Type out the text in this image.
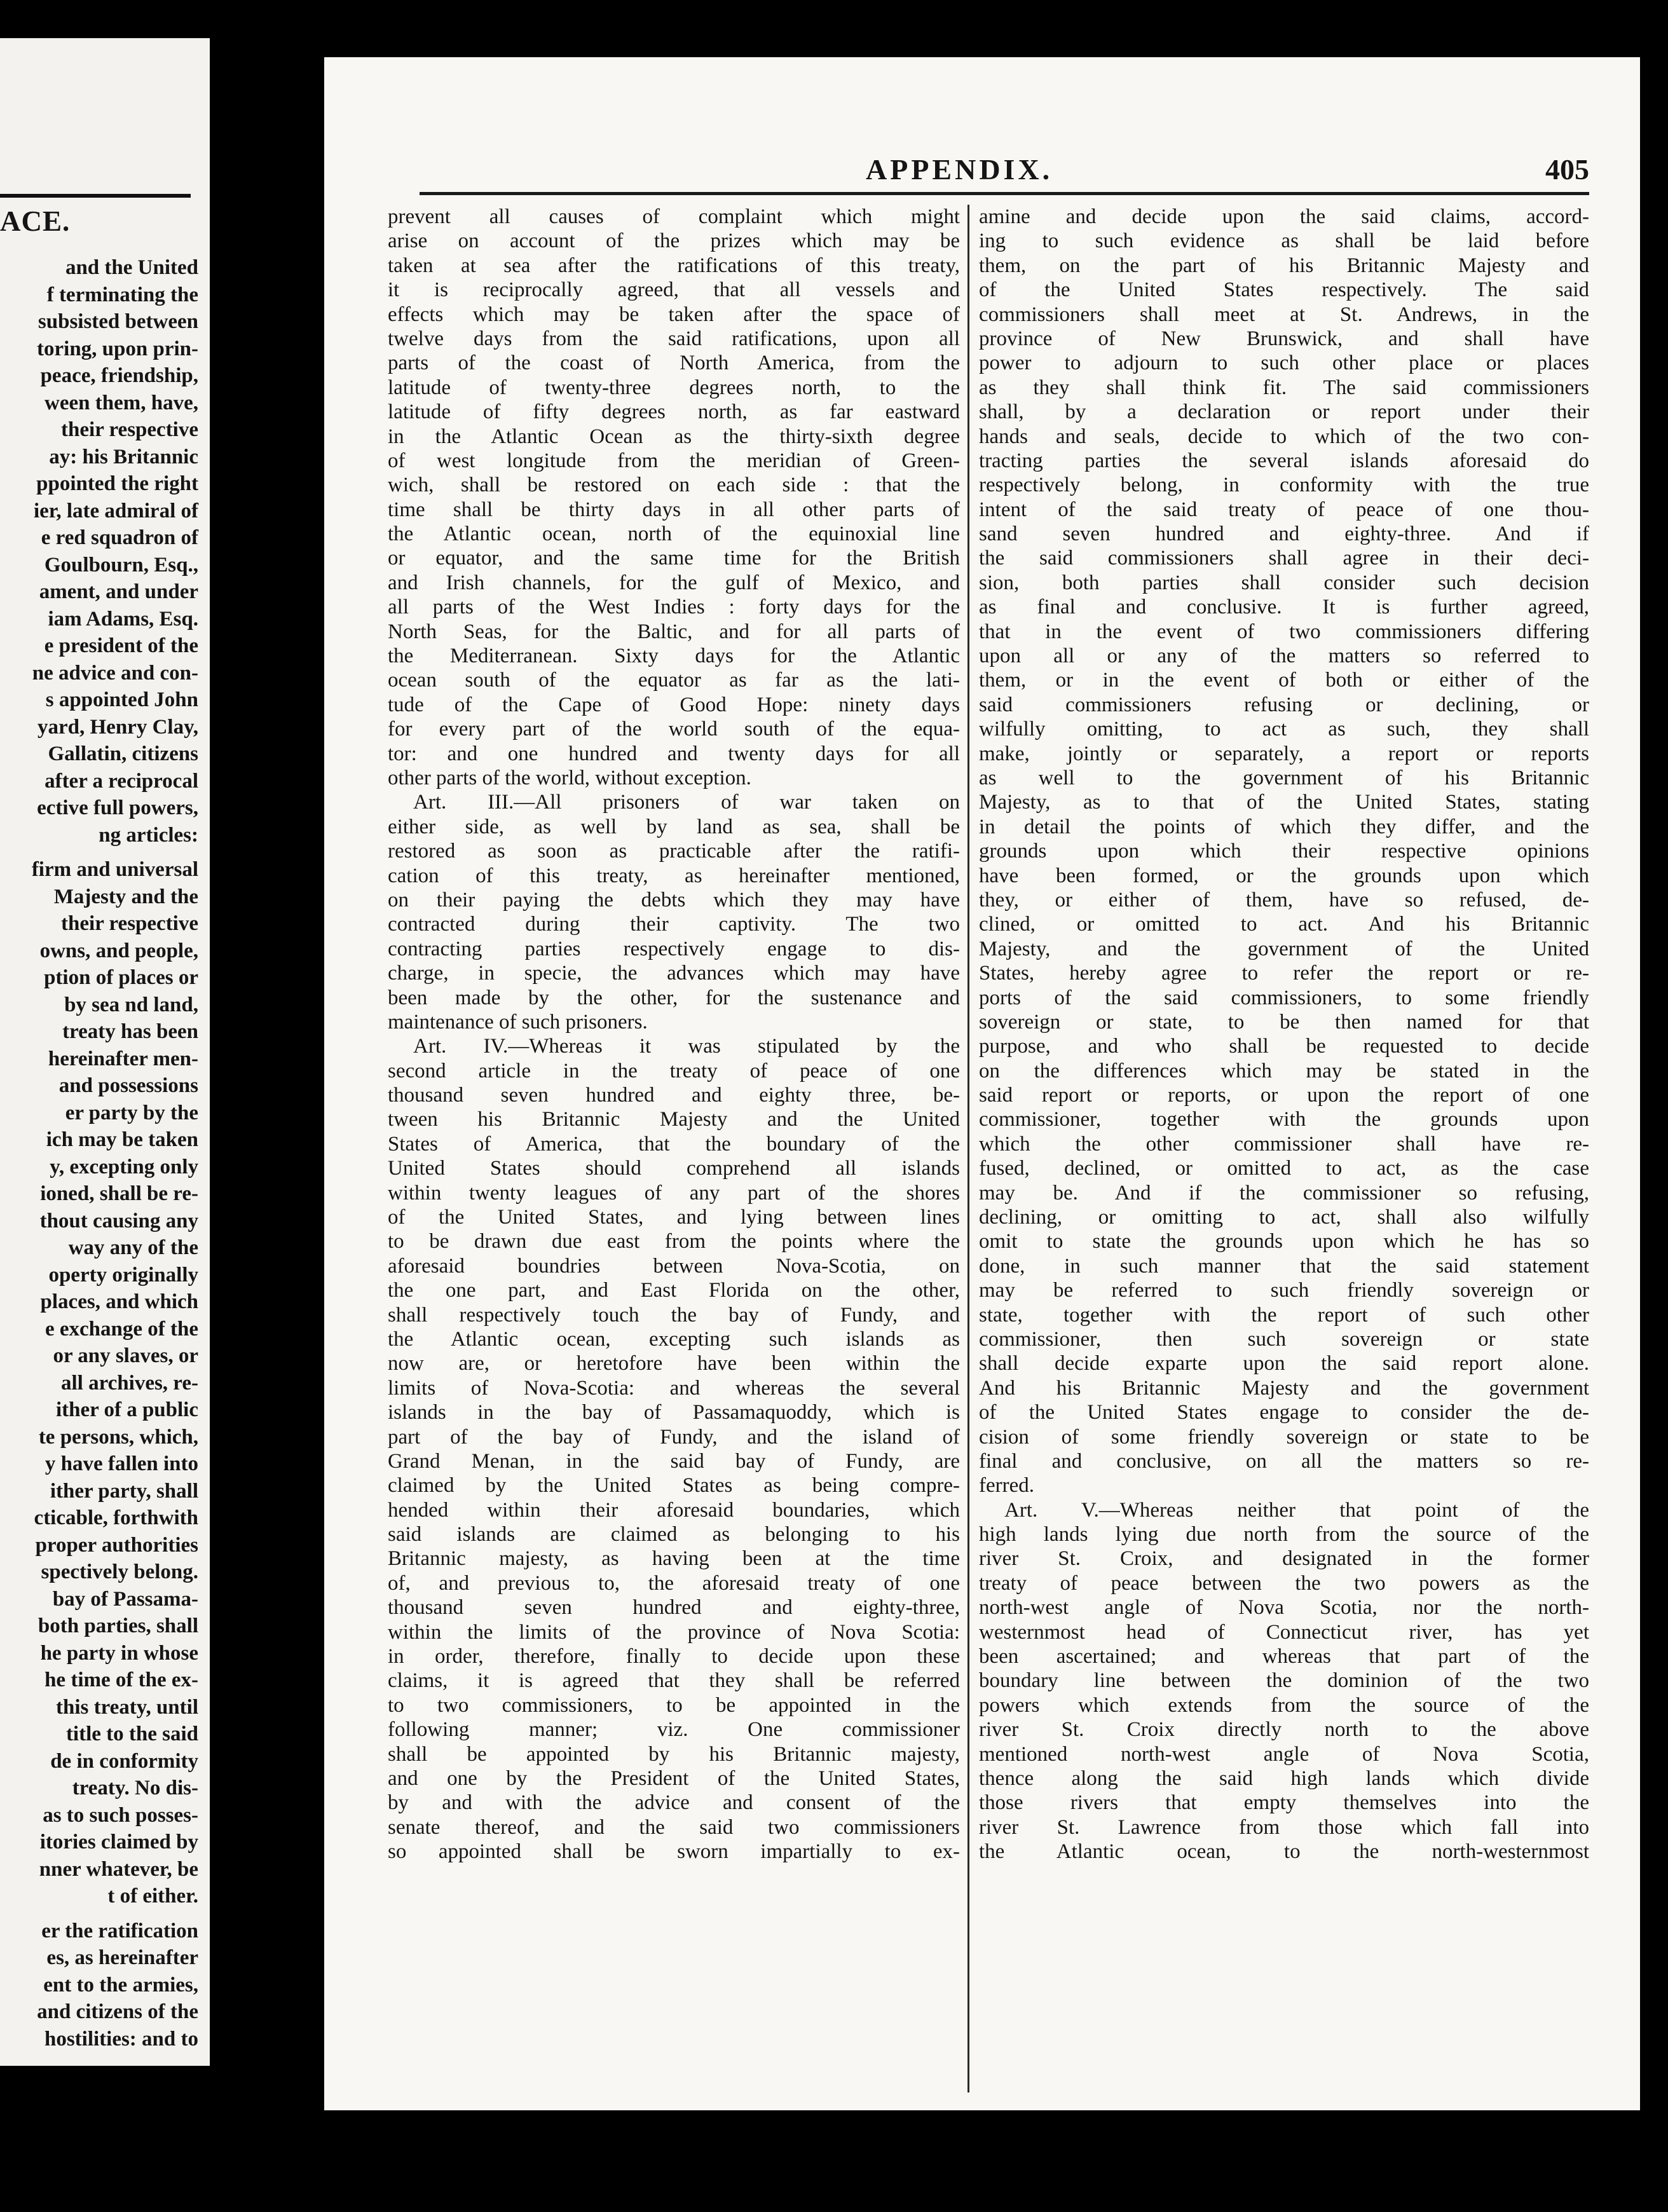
ACE.
and the United
f terminating the
subsisted between
toring, upon prin-
peace, friendship,
ween them, have,
their respective
ay: his Britannic
ppointed the right
ier, late admiral of
e red squadron of
Goulbourn, Esq.,
ament, and under
iam Adams, Esq.
e president of the
ne advice and con-
s appointed John
yard, Henry Clay,
Gallatin, citizens
after a reciprocal
ective full powers,
ng articles:
firm and universal
Majesty and the
their respective
owns, and people,
ption of places or
by sea nd land,
treaty has been
hereinafter men-
and possessions
er party by the
ich may be taken
y, excepting only
ioned, shall be re-
thout causing any
way any of the
operty originally
places, and which
e exchange of the
or any slaves, or
all archives, re-
ither of a public
te persons, which,
y have fallen into
ither party, shall
cticable, forthwith
proper authorities
spectively belong.
bay of Passama-
both parties, shall
he party in whose
he time of the ex-
this treaty, until
title to the said
de in conformity
treaty. No dis-
as to such posses-
itories claimed by
nner whatever, be
t of either.
er the ratification
es, as hereinafter
ent to the armies,
and citizens of the
hostilities: and to
APPENDIX.	405
prevent all causes of complaint which might
arise on account of the prizes which may be
taken at sea after the ratifications of this treaty,
it is reciprocally agreed, that all vessels and
effects which may be taken after the space of
twelve days from the said ratifications, upon all
parts of the coast of North America, from the
latitude of twenty-three degrees north, to the
latitude of fifty degrees north, as far eastward
in the Atlantic Ocean as the thirty-sixth degree
of west longitude from the meridian of Green-
wich, shall be restored on each side : that the
time shall be thirty days in all other parts of
the Atlantic ocean, north of the equinoxial line
or equator, and the same time for the British
and Irish channels, for the gulf of Mexico, and
all parts of the West Indies : forty days for the
North Seas, for the Baltic, and for all parts of
the Mediterranean. Sixty days for the Atlantic
ocean south of the equator as far as the lati-
tude of the Cape of Good Hope: ninety days
for every part of the world south of the equa-
tor: and one hundred and twenty days for all
other parts of the world, without exception.
Art. III.—All prisoners of war taken on
either side, as well by land as sea, shall be
restored as soon as practicable after the ratifi-
cation of this treaty, as hereinafter mentioned,
on their paying the debts which they may have
contracted during their captivity. The two
contracting parties respectively engage to dis-
charge, in specie, the advances which may have
been made by the other, for the sustenance and
maintenance of such prisoners.
Art. IV.—Whereas it was stipulated by the
second article in the treaty of peace of one
thousand seven hundred and eighty three, be-
tween his Britannic Majesty and the United
States of America, that the boundary of the
United States should comprehend all islands
within twenty leagues of any part of the shores
of the United States, and lying between lines
to be drawn due east from the points where the
aforesaid boundries between Nova-Scotia, on
the one part, and East Florida on the other,
shall respectively touch the bay of Fundy, and
the Atlantic ocean, excepting such islands as
now are, or heretofore have been within the
limits of Nova-Scotia: and whereas the several
islands in the bay of Passamaquoddy, which is
part of the bay of Fundy, and the island of
Grand Menan, in the said bay of Fundy, are
claimed by the United States as being compre-
hended within their aforesaid boundaries, which
said islands are claimed as belonging to his
Britannic majesty, as having been at the time
of, and previous to, the aforesaid treaty of one
thousand seven hundred and eighty-three,
within the limits of the province of Nova Scotia:
in order, therefore, finally to decide upon these
claims, it is agreed that they shall be referred
to two commissioners, to be appointed in the
following manner; viz. One commissioner
shall be appointed by his Britannic majesty,
and one by the President of the United States,
by and with the advice and consent of the
senate thereof, and the said two commissioners
so appointed shall be sworn impartially to ex-
amine and decide upon the said claims, accord-
ing to such evidence as shall be laid before
them, on the part of his Britannic Majesty and
of the United States respectively. The said
commissioners shall meet at St. Andrews, in the
province of New Brunswick, and shall have
power to adjourn to such other place or places
as they shall think fit. The said commissioners
shall, by a declaration or report under their
hands and seals, decide to which of the two con-
tracting parties the several islands aforesaid do
respectively belong, in conformity with the true
intent of the said treaty of peace of one thou-
sand seven hundred and eighty-three. And if
the said commissioners shall agree in their deci-
sion, both parties shall consider such decision
as final and conclusive. It is further agreed,
that in the event of two commissioners differing
upon all or any of the matters so referred to
them, or in the event of both or either of the
said commissioners refusing or declining, or
wilfully omitting, to act as such, they shall
make, jointly or separately, a report or reports
as well to the government of his Britannic
Majesty, as to that of the United States, stating
in detail the points of which they differ, and the
grounds upon which their respective opinions
have been formed, or the grounds upon which
they, or either of them, have so refused, de-
clined, or omitted to act. And his Britannic
Majesty, and the government of the United
States, hereby agree to refer the report or re-
ports of the said commissioners, to some friendly
sovereign or state, to be then named for that
purpose, and who shall be requested to decide
on the differences which may be stated in the
said report or reports, or upon the report of one
commissioner, together with the grounds upon
which the other commissioner shall have re-
fused, declined, or omitted to act, as the case
may be. And if the commissioner so refusing,
declining, or omitting to act, shall also wilfully
omit to state the grounds upon which he has so
done, in such manner that the said statement
may be referred to such friendly sovereign or
state, together with the report of such other
commissioner, then such sovereign or state
shall decide exparte upon the said report alone.
And his Britannic Majesty and the government
of the United States engage to consider the de-
cision of some friendly sovereign or state to be
final and conclusive, on all the matters so re-
ferred.
Art. V.—Whereas neither that point of the
high lands lying due north from the source of the
river St. Croix, and designated in the former
treaty of peace between the two powers as the
north-west angle of Nova Scotia, nor the north-
westernmost head of Connecticut river, has yet
been ascertained; and whereas that part of the
boundary line between the dominion of the two
powers which extends from the source of the
river St. Croix directly north to the above
mentioned north-west angle of Nova Scotia,
thence along the said high lands which divide
those rivers that empty themselves into the
river St. Lawrence from those which fall into
the Atlantic ocean, to the north-westernmost
